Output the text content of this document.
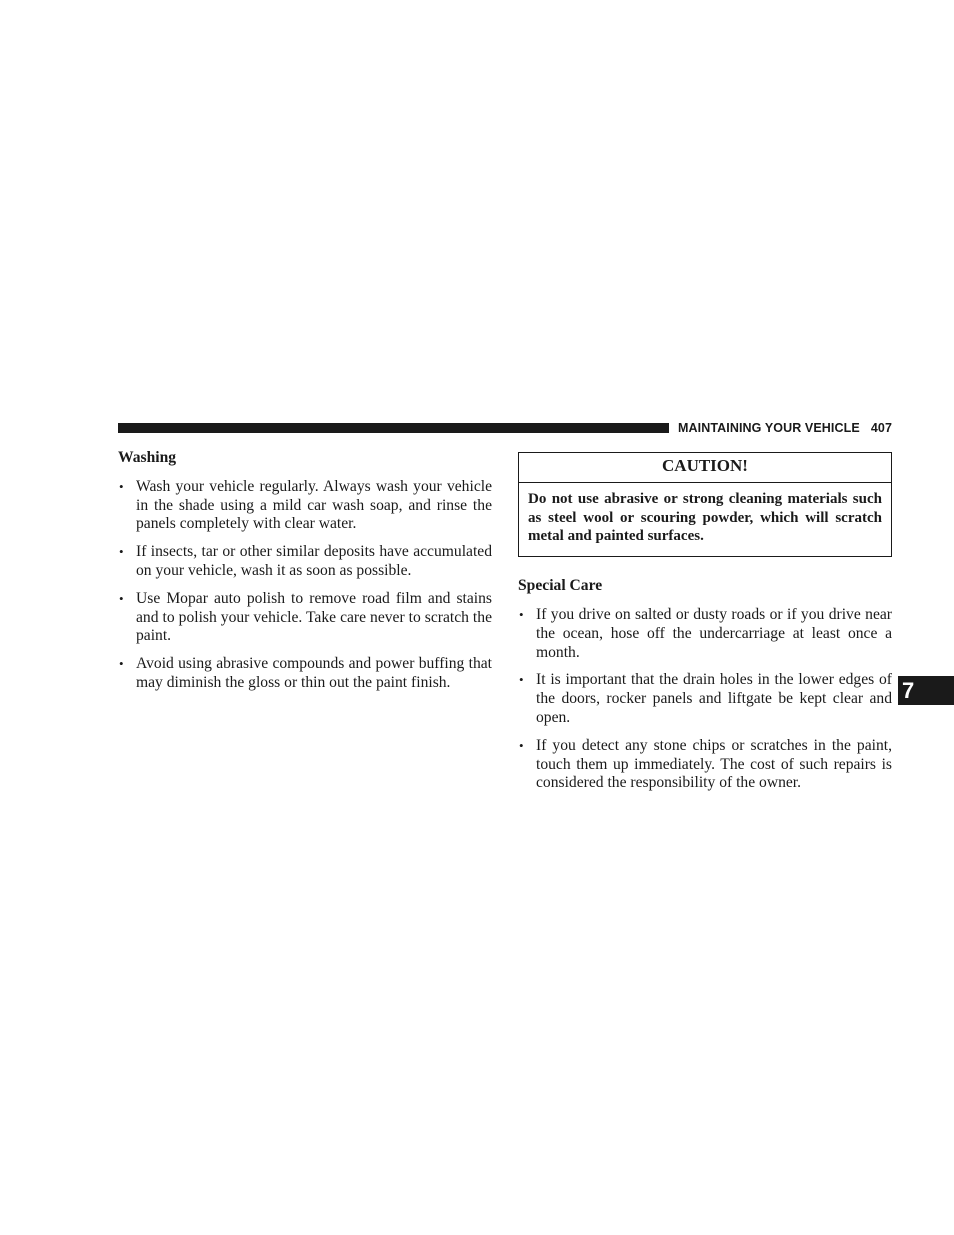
MAINTAINING YOUR VEHICLE 407
Washing
• Wash your vehicle regularly. Always wash your vehicle in the shade using a mild car wash soap, and rinse the panels completely with clear water.
• If insects, tar or other similar deposits have accumulated on your vehicle, wash it as soon as possible.
• Use Mopar auto polish to remove road film and stains and to polish your vehicle. Take care never to scratch the paint.
• Avoid using abrasive compounds and power buffing that may diminish the gloss or thin out the paint finish.
CAUTION!
Do not use abrasive or strong cleaning materials such as steel wool or scouring powder, which will scratch metal and painted surfaces.
Special Care
• If you drive on salted or dusty roads or if you drive near the ocean, hose off the undercarriage at least once a month.
• It is important that the drain holes in the lower edges of the doors, rocker panels and liftgate be kept clear and open.
• If you detect any stone chips or scratches in the paint, touch them up immediately. The cost of such repairs is considered the responsibility of the owner.
7
